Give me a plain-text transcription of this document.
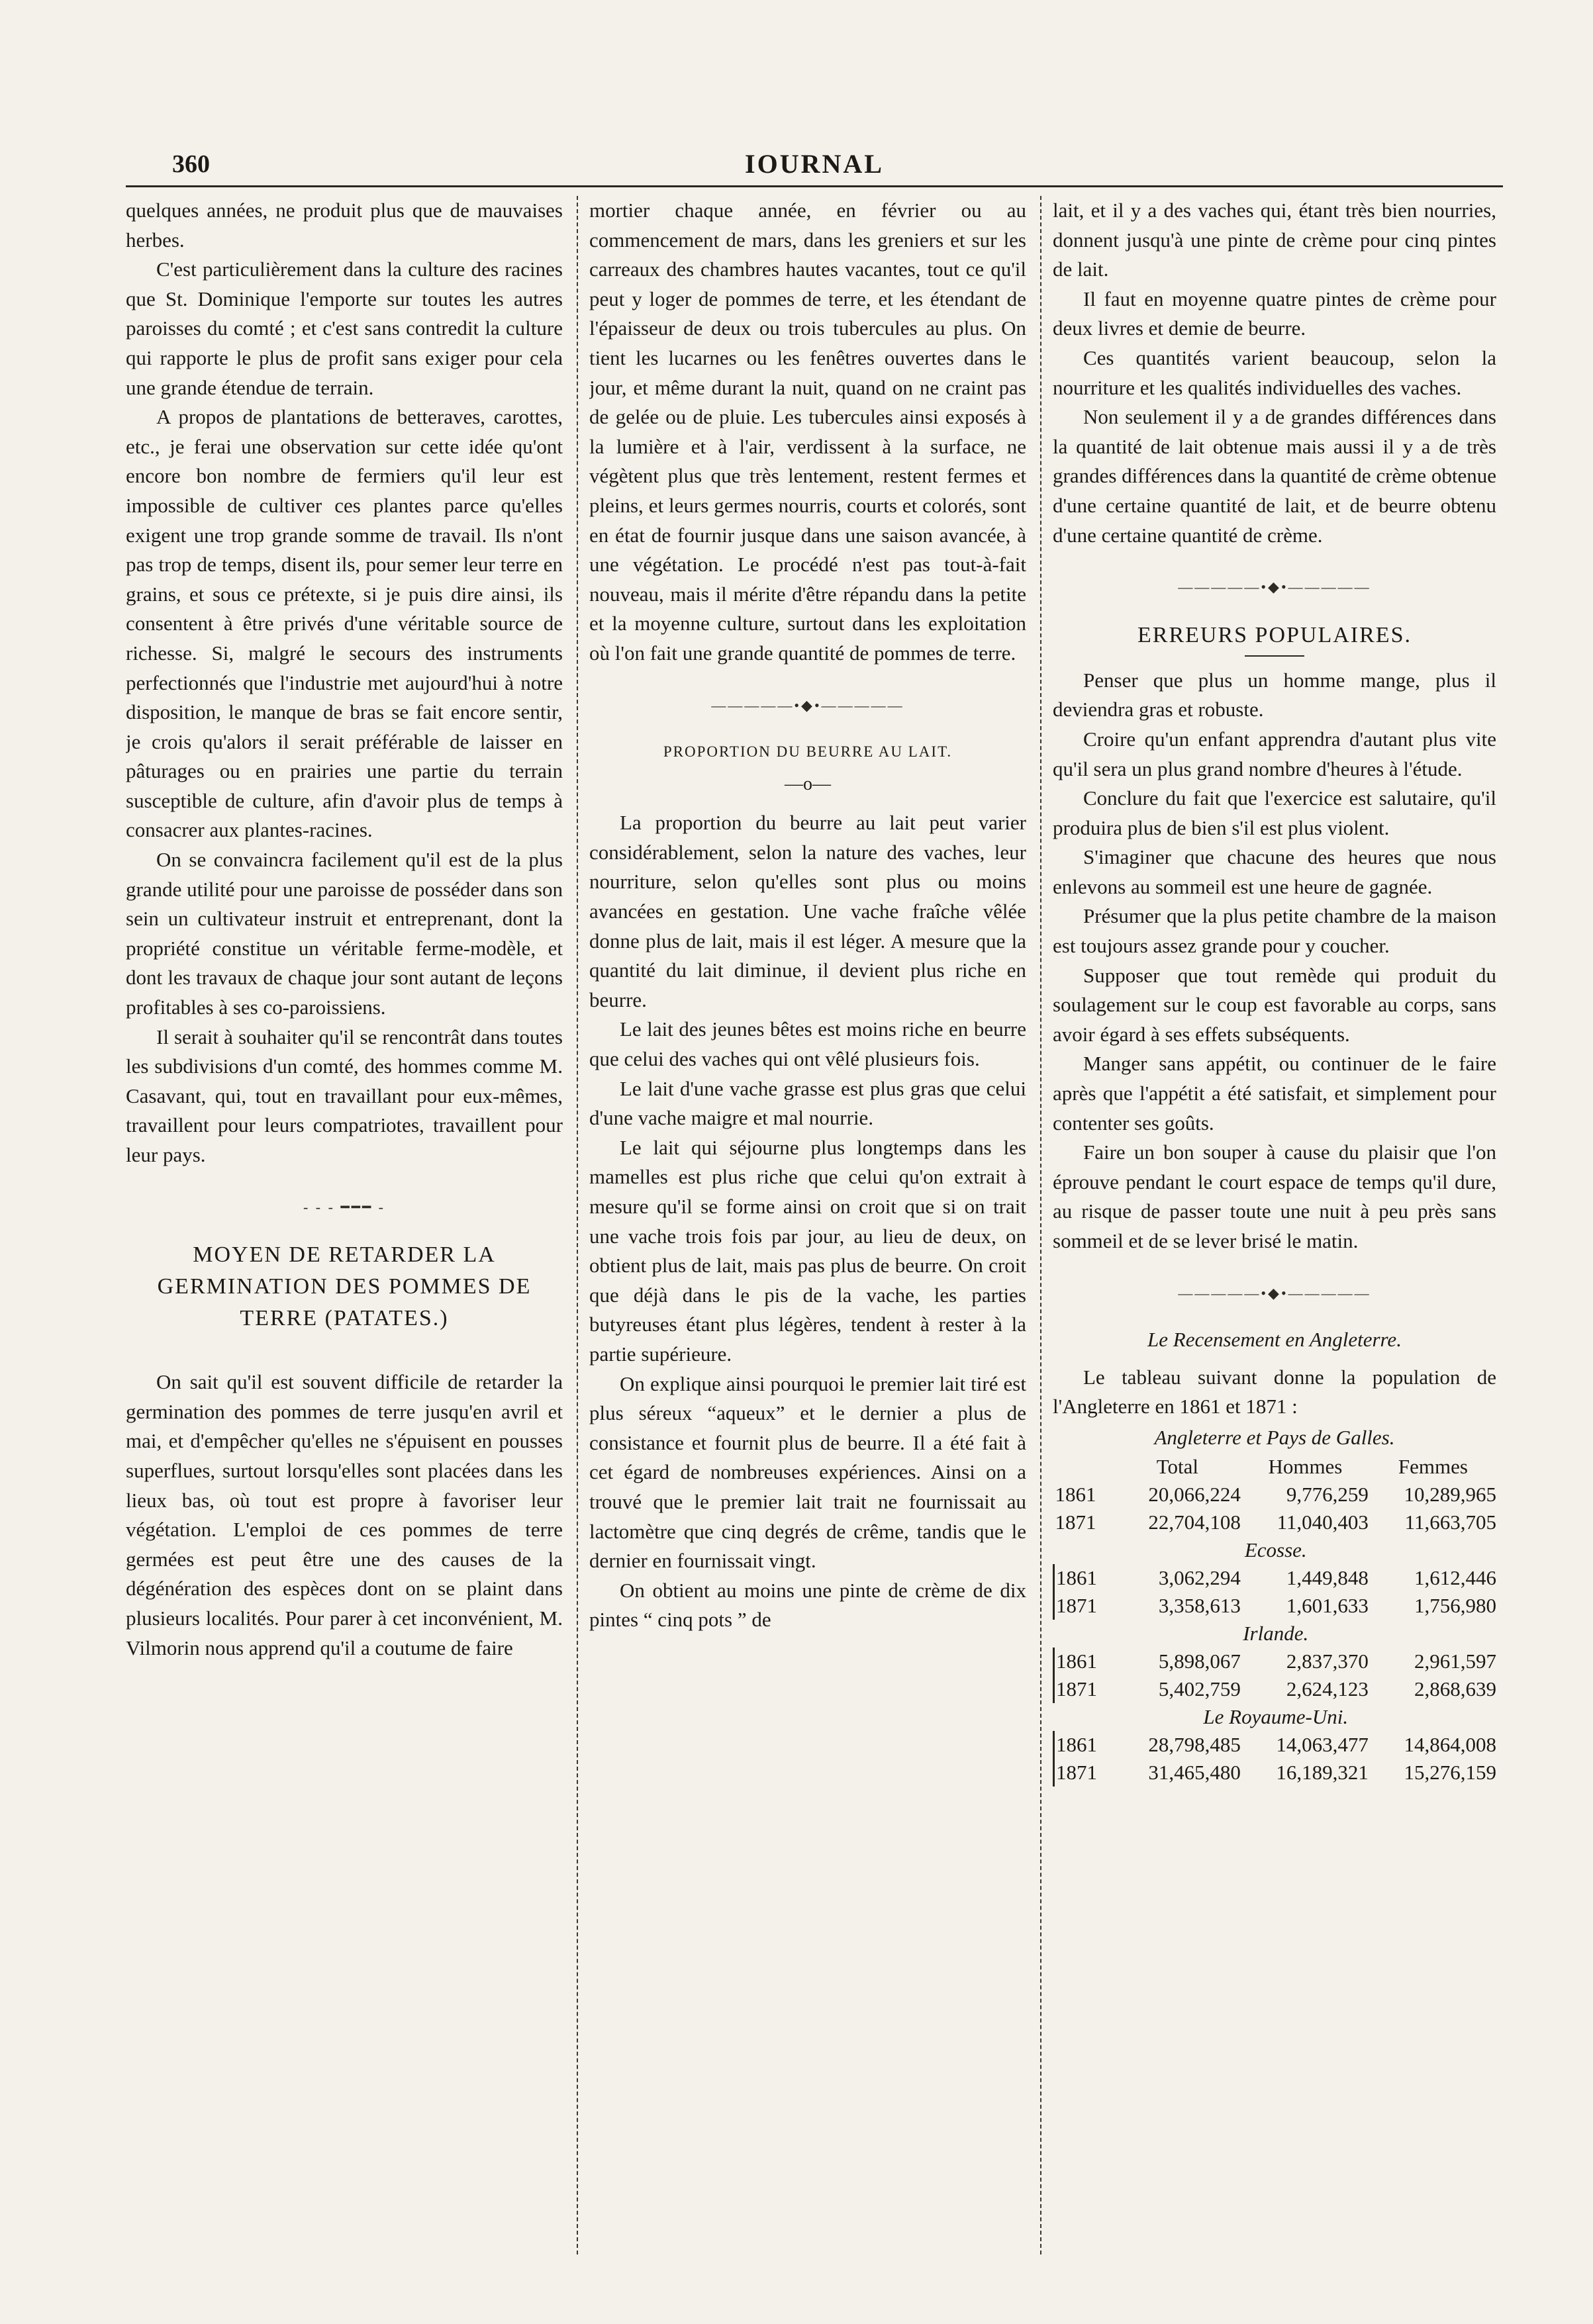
360	IOURNAL

quelques années, ne produit plus que de mauvaises herbes.

C'est particulièrement dans la culture des racines que St. Dominique l'emporte sur toutes les autres paroisses du comté ; et c'est sans contredit la culture qui rapporte le plus de profit sans exiger pour cela une grande étendue de terrain.

A propos de plantations de betteraves, carottes, etc., je ferai une observation sur cette idée qu'ont encore bon nombre de fermiers qu'il leur est impossible de cultiver ces plantes parce qu'elles exigent une trop grande somme de travail. Ils n'ont pas trop de temps, disent ils, pour semer leur terre en grains, et sous ce prétexte, si je puis dire ainsi, ils consentent à être privés d'une véritable source de richesse. Si, malgré le secours des instruments perfectionnés que l'industrie met aujourd'hui à notre disposition, le manque de bras se fait encore sentir, je crois qu'alors il serait préférable de laisser en pâturages ou en prairies une partie du terrain susceptible de culture, afin d'avoir plus de temps à consacrer aux plantes-racines.

On se convaincra facilement qu'il est de la plus grande utilité pour une paroisse de posséder dans son sein un cultivateur instruit et entreprenant, dont la propriété constitue un véritable ferme-modèle, et dont les travaux de chaque jour sont autant de leçons profitables à ses co-paroissiens.

Il serait à souhaiter qu'il se rencontrât dans toutes les subdivisions d'un comté, des hommes comme M. Casavant, qui, tout en travaillant pour eux-mêmes, travaillent pour leurs compatriotes, travaillent pour leur pays.

- - - ━━━ -
MOYEN DE RETARDER LA GERMINATION DES POMMES DE TERRE (PATATES.)

On sait qu'il est souvent difficile de retarder la germination des pommes de terre jusqu'en avril et mai, et d'empêcher qu'elles ne s'épuisent en pousses superflues, surtout lorsqu'elles sont placées dans les lieux bas, où tout est propre à favoriser leur végétation. L'emploi de ces pommes de terre germées est peut être une des causes de la dégénération des espèces dont on se plaint dans plusieurs localités. Pour parer à cet inconvénient, M. Vilmorin nous apprend qu'il a coutume de faire

mortier chaque année, en février ou au commencement de mars, dans les greniers et sur les carreaux des chambres hautes vacantes, tout ce qu'il peut y loger de pommes de terre, et les étendant de l'épaisseur de deux ou trois tubercules au plus. On tient les lucarnes ou les fenêtres ouvertes dans le jour, et même durant la nuit, quand on ne craint pas de gelée ou de pluie. Les tubercules ainsi exposés à la lumière et à l'air, verdissent à la surface, ne végètent plus que très lentement, restent fermes et pleins, et leurs germes nourris, courts et colorés, sont en état de fournir jusque dans une saison avancée, à une végétation. Le procédé n'est pas tout-à-fait nouveau, mais il mérite d'être répandu dans la petite et la moyenne culture, surtout dans les exploitation où l'on fait une grande quantité de pommes de terre.

—————•◆•—————
PROPORTION DU BEURRE AU LAIT.
—o—

La proportion du beurre au lait peut varier considérablement, selon la nature des vaches, leur nourriture, selon qu'elles sont plus ou moins avancées en gestation. Une vache fraîche vêlée donne plus de lait, mais il est léger. A mesure que la quantité du lait diminue, il devient plus riche en beurre.

Le lait des jeunes bêtes est moins riche en beurre que celui des vaches qui ont vêlé plusieurs fois.

Le lait d'une vache grasse est plus gras que celui d'une vache maigre et mal nourrie.

Le lait qui séjourne plus longtemps dans les mamelles est plus riche que celui qu'on extrait à mesure qu'il se forme ainsi on croit que si on trait une vache trois fois par jour, au lieu de deux, on obtient plus de lait, mais pas plus de beurre. On croit que déjà dans le pis de la vache, les parties butyreuses étant plus légères, tendent à rester à la partie supérieure.

On explique ainsi pourquoi le premier lait tiré est plus séreux “aqueux” et le dernier a plus de consistance et fournit plus de beurre. Il a été fait à cet égard de nombreuses expériences. Ainsi on a trouvé que le premier lait trait ne fournissait au lactomètre que cinq degrés de crême, tandis que le dernier en fournissait vingt.

On obtient au moins une pinte de crème de dix pintes “ cinq pots ” de

lait, et il y a des vaches qui, étant très bien nourries, donnent jusqu'à une pinte de crème pour cinq pintes de lait.

Il faut en moyenne quatre pintes de crème pour deux livres et demie de beurre.

Ces quantités varient beaucoup, selon la nourriture et les qualités individuelles des vaches.

Non seulement il y a de grandes différences dans la quantité de lait obtenue mais aussi il y a de très grandes différences dans la quantité de crème obtenue d'une certaine quantité de lait, et de beurre obtenu d'une certaine quantité de crème.

—————•◆•—————
ERREURS POPULAIRES.

Penser que plus un homme mange, plus il deviendra gras et robuste.

Croire qu'un enfant apprendra d'autant plus vite qu'il sera un plus grand nombre d'heures à l'étude.

Conclure du fait que l'exercice est salutaire, qu'il produira plus de bien s'il est plus violent.

S'imaginer que chacune des heures que nous enlevons au sommeil est une heure de gagnée.

Présumer que la plus petite chambre de la maison est toujours assez grande pour y coucher.

Supposer que tout remède qui produit du soulagement sur le coup est favorable au corps, sans avoir égard à ses effets subséquents.

Manger sans appétit, ou continuer de le faire après que l'appétit a été satisfait, et simplement pour contenter ses goûts.

Faire un bon souper à cause du plaisir que l'on éprouve pendant le court espace de temps qu'il dure, au risque de passer toute une nuit à peu près sans sommeil et de se lever brisé le matin.

—————•◆•—————
Le Recensement en Angleterre.

Le tableau suivant donne la population de l'Angleterre en 1861 et 1871 :

Angleterre et Pays de Galles.
	Total	Hommes	Femmes
1861	20,066,224	9,776,259	10,289,965
1871	22,704,108	11,040,403	11,663,705
Ecosse.			
1861	3,062,294	1,449,848	1,612,446
1871	3,358,613	1,601,633	1,756,980
Irlande.			
1861	5,898,067	2,837,370	2,961,597
1871	5,402,759	2,624,123	2,868,639
Le Royaume-Uni.			
1861	28,798,485	14,063,477	14,864,008
1871	31,465,480	16,189,321	15,276,159
